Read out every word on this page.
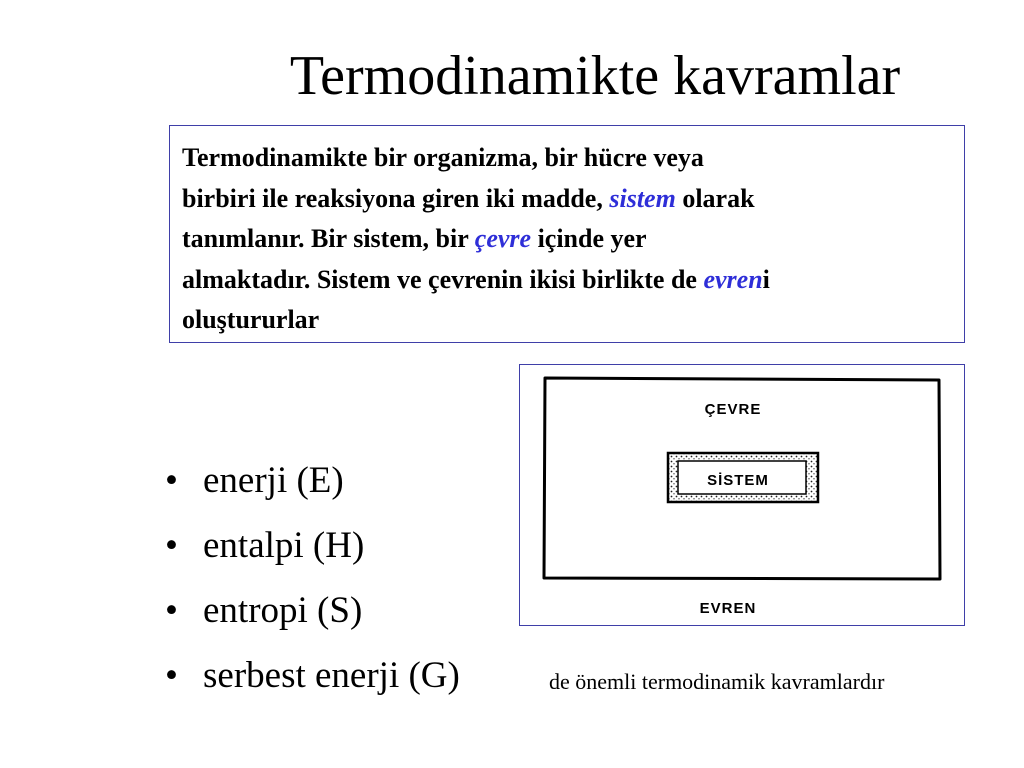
Termodinamikte kavramlar
Termodinamikte bir organizma, bir hücre veya
birbiri ile reaksiyona giren iki madde, sistem olarak
tanımlanır. Bir sistem, bir çevre içinde yer
almaktadır. Sistem ve çevrenin ikisi birlikte de evreni
oluştururlar
ÇEVRE
SİSTEM
EVREN
• enerji (E)
• entalpi (H)
• entropi (S)
• serbest enerji (G)	de önemli termodinamik kavramlardır
